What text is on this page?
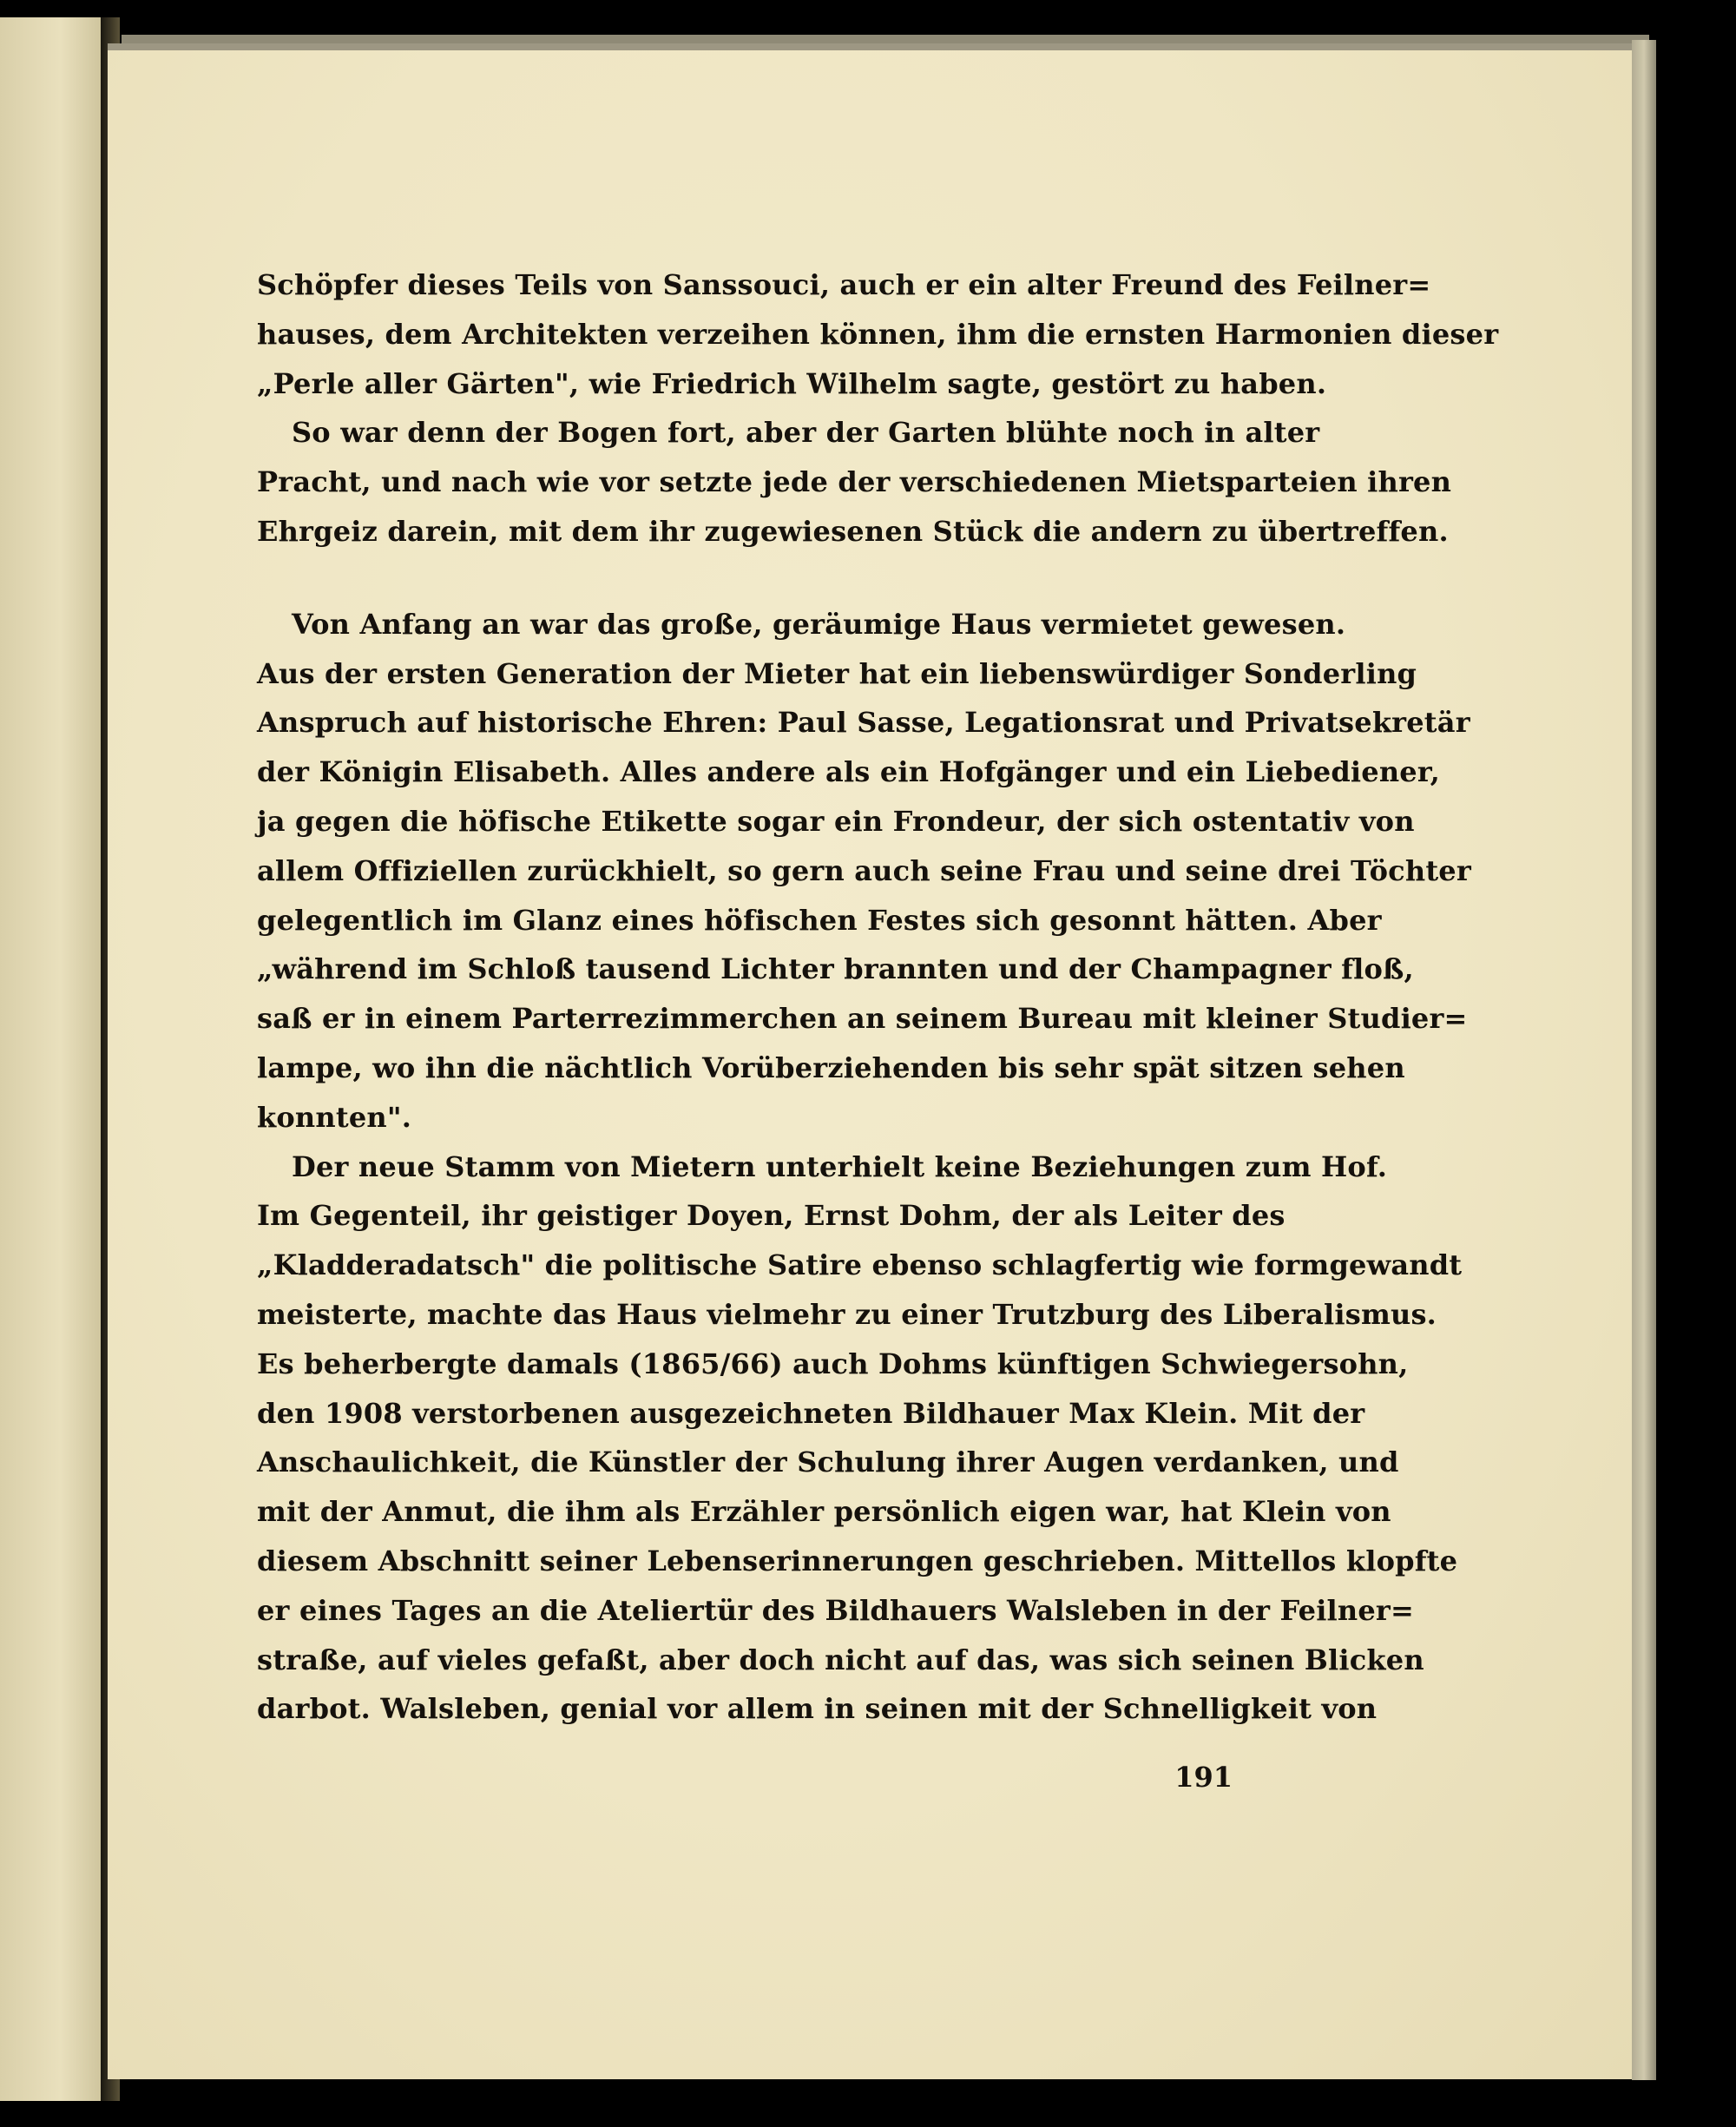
Schöpfer dieses Teils von Sanssouci, auch er ein alter Freund des Feilner=
hauses, dem Architekten verzeihen können, ihm die ernsten Harmonien dieser
„Perle aller Gärten", wie Friedrich Wilhelm sagte, gestört zu haben.
So war denn der Bogen fort, aber der Garten blühte noch in alter
Pracht, und nach wie vor setzte jede der verschiedenen Mietsparteien ihren
Ehrgeiz darein, mit dem ihr zugewiesenen Stück die andern zu übertreffen.
Von Anfang an war das große, geräumige Haus vermietet gewesen.
Aus der ersten Generation der Mieter hat ein liebenswürdiger Sonderling
Anspruch auf historische Ehren: Paul Sasse, Legationsrat und Privatsekretär
der Königin Elisabeth. Alles andere als ein Hofgänger und ein Liebediener,
ja gegen die höfische Etikette sogar ein Frondeur, der sich ostentativ von
allem Offiziellen zurückhielt, so gern auch seine Frau und seine drei Töchter
gelegentlich im Glanz eines höfischen Festes sich gesonnt hätten. Aber
„während im Schloß tausend Lichter brannten und der Champagner floß,
saß er in einem Parterrezimmerchen an seinem Bureau mit kleiner Studier=
lampe, wo ihn die nächtlich Vorüberziehenden bis sehr spät sitzen sehen
konnten".
Der neue Stamm von Mietern unterhielt keine Beziehungen zum Hof.
Im Gegenteil, ihr geistiger Doyen, Ernst Dohm, der als Leiter des
„Kladderadatsch" die politische Satire ebenso schlagfertig wie formgewandt
meisterte, machte das Haus vielmehr zu einer Trutzburg des Liberalismus.
Es beherbergte damals (1865/66) auch Dohms künftigen Schwiegersohn,
den 1908 verstorbenen ausgezeichneten Bildhauer Max Klein. Mit der
Anschaulichkeit, die Künstler der Schulung ihrer Augen verdanken, und
mit der Anmut, die ihm als Erzähler persönlich eigen war, hat Klein von
diesem Abschnitt seiner Lebenserinnerungen geschrieben. Mittellos klopfte
er eines Tages an die Ateliertür des Bildhauers Walsleben in der Feilner=
straße, auf vieles gefaßt, aber doch nicht auf das, was sich seinen Blicken
darbot. Walsleben, genial vor allem in seinen mit der Schnelligkeit von
191
